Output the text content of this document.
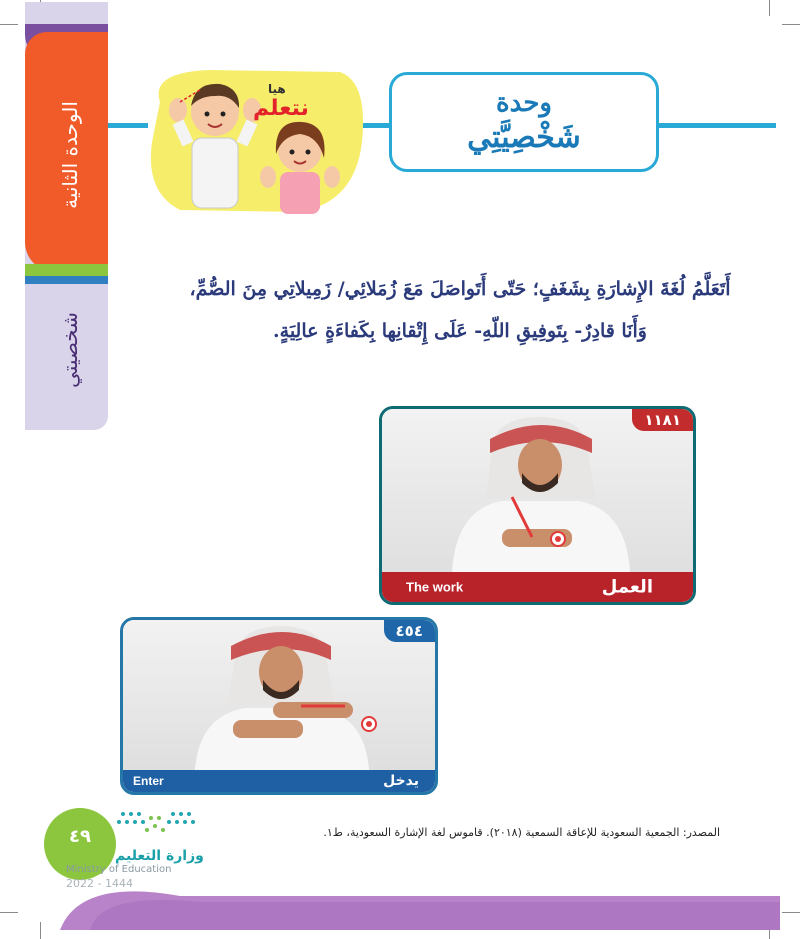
الوحدة الثانية
شخصيتي
وحدة
شَخْصِيَّتِي
هيا
نتعلم
أَتَعَلَّمُ لُغَةَ الإِشارَةِ بِشَغَفٍ؛ حَتّى أَتَواصَلَ مَعَ زُمَلائِي/ زَمِيلاتِي مِنَ الصُّمِّ،
وَأَنَا قادِرٌ- بِتَوفِيقِ اللّهِ- عَلَى إِتْقانِها بِكَفاءَةٍ عالِيَةٍ.
١١٨١
The work	العمل
٤٥٤
Enter	يدخل
المصدر: الجمعية السعودية للإعاقة السمعية (٢٠١٨). قاموس لغة الإشارة السعودية، ط١.
٤٩
وزارة التعليم
Ministry of Education
2022 - 1444
